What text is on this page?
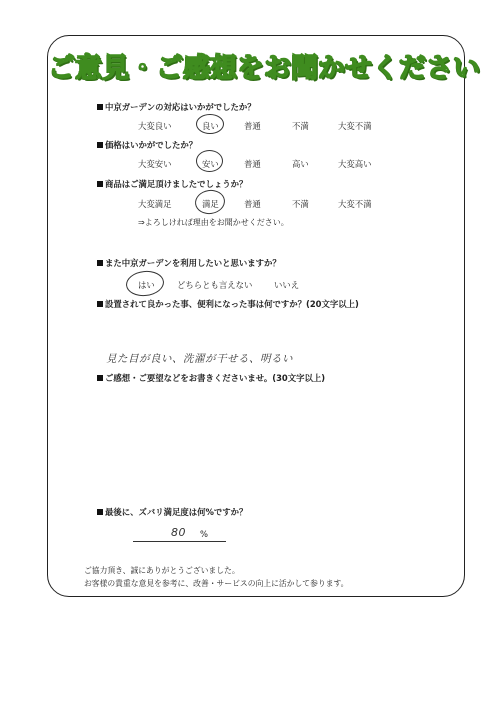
ご意見・ご感想をお聞かせください
中京ガーデンの対応はいかがでしたか？
大変良い	良い	普通	不満	大変不満
価格はいかがでしたか？
大変安い	安い	普通	高い	大変高い
商品はご満足頂けましたでしょうか？
大変満足	満足	普通	不満	大変不満
⇒よろしければ理由をお聞かせください。
また中京ガーデンを利用したいと思いますか？
はい	どちらとも言えない	いいえ
設置されて良かった事、便利になった事は何ですか？(20文字以上)
見た目が良い、洗濯が干せる、明るい
ご感想・ご要望などをお書きくださいませ。(30文字以上)
最後に、ズバリ満足度は何%ですか？
80 %
ご協力頂き、誠にありがとうございました。
お客様の貴重な意見を参考に、改善・サービスの向上に活かして参ります。
